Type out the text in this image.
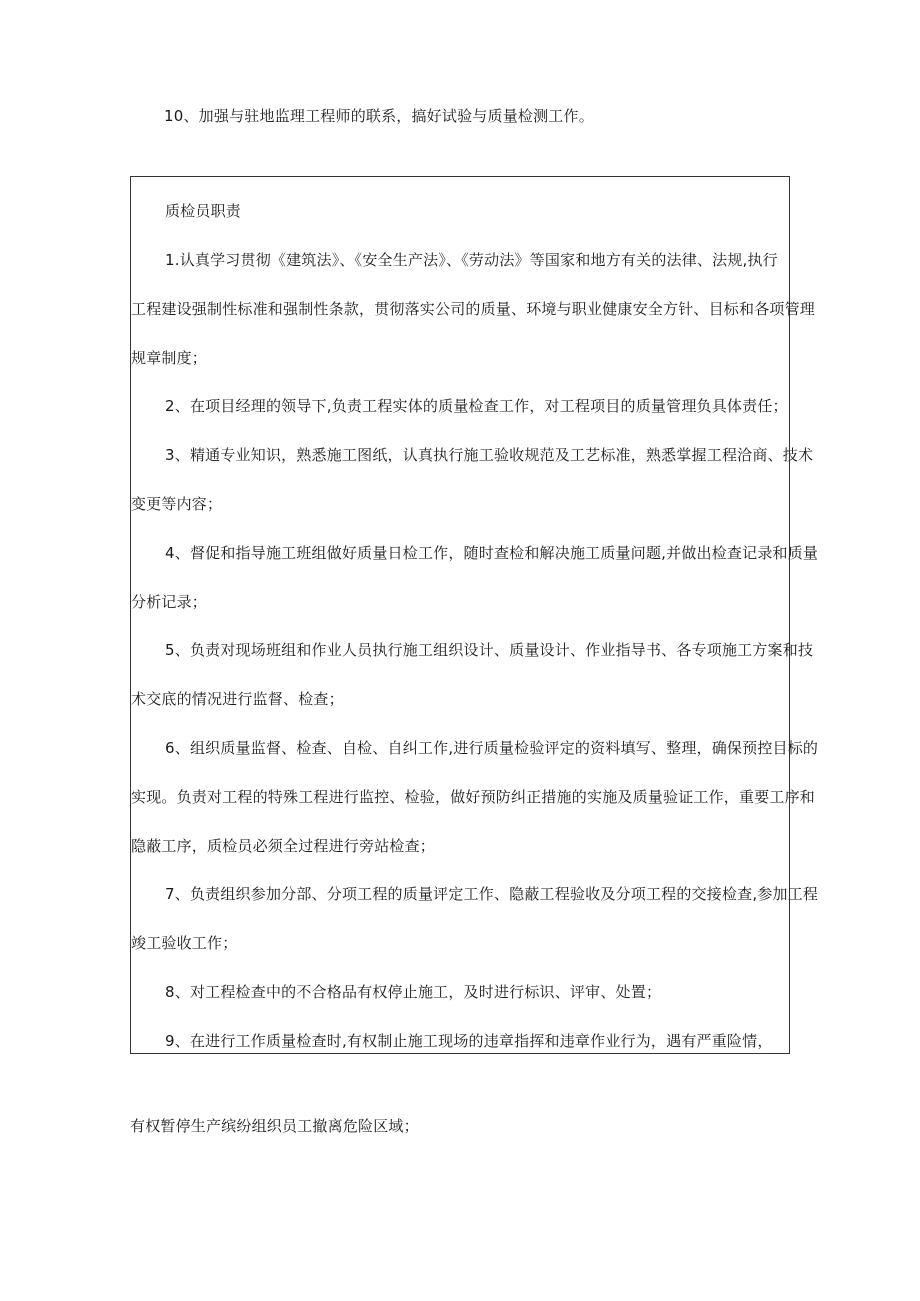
10、加强与驻地监理工程师的联系，搞好试验与质量检测工作。
质检员职责
1.认真学习贯彻《建筑法》、《安全生产法》、《劳动法》等国家和地方有关的法律、法规,执行
工程建设强制性标准和强制性条款，贯彻落实公司的质量、环境与职业健康安全方针、目标和各项管理
规章制度；
2、在项目经理的领导下,负责工程实体的质量检查工作，对工程项目的质量管理负具体责任；
3、精通专业知识，熟悉施工图纸，认真执行施工验收规范及工艺标准，熟悉掌握工程洽商、技术
变更等内容；
4、督促和指导施工班组做好质量日检工作，随时查检和解决施工质量问题,并做出检查记录和质量
分析记录；
5、负责对现场班组和作业人员执行施工组织设计、质量设计、作业指导书、各专项施工方案和技
术交底的情况进行监督、检查；
6、组织质量监督、检查、自检、自纠工作,进行质量检验评定的资料填写、整理，确保预控目标的
实现。负责对工程的特殊工程进行监控、检验，做好预防纠正措施的实施及质量验证工作，重要工序和
隐蔽工序，质检员必须全过程进行旁站检查；
7、负责组织参加分部、分项工程的质量评定工作、隐蔽工程验收及分项工程的交接检查,参加工程
竣工验收工作；
8、对工程检查中的不合格品有权停止施工，及时进行标识、评审、处置；
9、在进行工作质量检查时,有权制止施工现场的违章指挥和违章作业行为，遇有严重险情，
有权暂停生产缤纷组织员工撤离危险区域；
